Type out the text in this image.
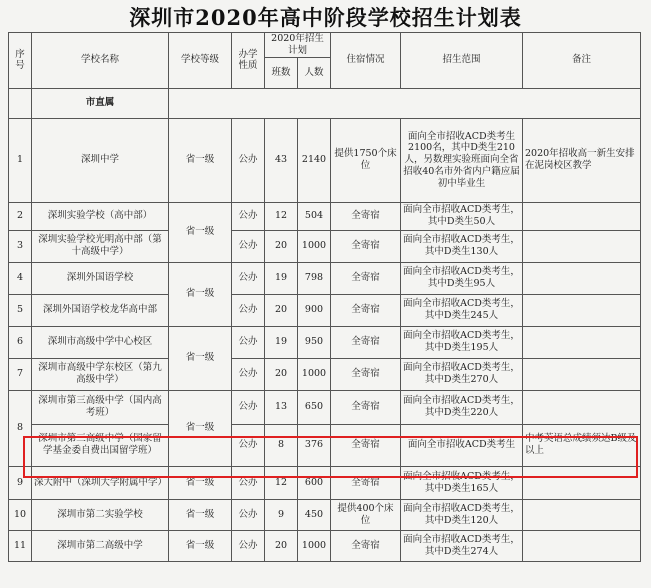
深圳市2020年高中阶段学校招生计划表
序号	学校名称	学校等级	办学性质	2020年招生计划		住宿情况	招生范围	备注
				班数	人数			
	市直属							
1	深圳中学	省一级	公办	43	2140	提供1750个床位	面向全市招收ACD类考生2100名，其中D类生210人，另数理实验班面向全省招收40名市外省内户籍应届初中毕业生	2020年招收高一新生安排在泥岗校区教学
2	深圳实验学校（高中部）	省一级	公办	12	504	全寄宿	面向全市招收ACD类考生，其中D类生50人	
3	深圳实验学校光明高中部（第十高级中学）		公办	20	1000	全寄宿	面向全市招收ACD类考生，其中D类生130人	
4	深圳外国语学校	省一级	公办	19	798	全寄宿	面向全市招收ACD类考生，其中D类生95人	
5	深圳外国语学校龙华高中部		公办	20	900	全寄宿	面向全市招收ACD类考生，其中D类生245人	
6	深圳市高级中学中心校区	省一级	公办	19	950	全寄宿	面向全市招收ACD类考生，其中D类生195人	
7	深圳市高级中学东校区（第九高级中学）		公办	20	1000	全寄宿	面向全市招收ACD类考生，其中D类生270人	
8	深圳市第三高级中学（国内高考班）	省一级	公办	13	650	全寄宿	面向全市招收ACD类考生，其中D类生220人	
	深圳市第三高级中学（国家留学基金委自费出国留学班）		公办	8	376	全寄宿	面向全市招收ACD类考生	中考英语总成绩须达B级及以上
9	深大附中（深圳大学附属中学）	省一级	公办	12	600	全寄宿	面向全市招收ACD类考生，其中D类生165人	
10	深圳市第二实验学校	省一级	公办	9	450	提供400个床位	面向全市招收ACD类考生，其中D类生120人	
11	深圳市第二高级中学	省一级	公办	20	1000	全寄宿	面向全市招收ACD类考生，其中D类生274人	
